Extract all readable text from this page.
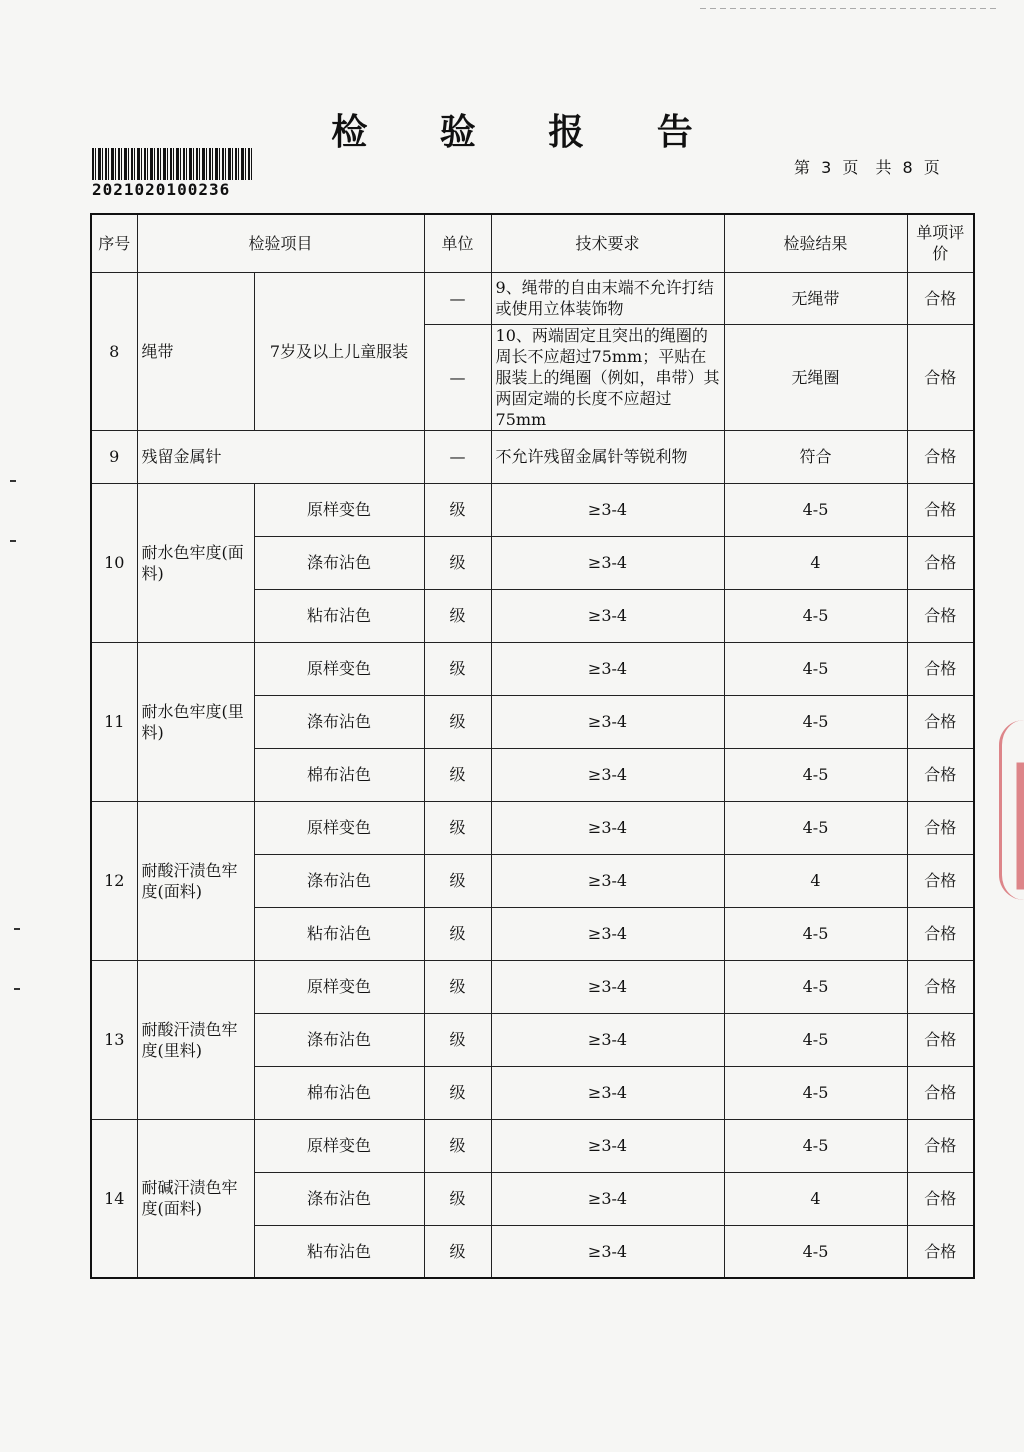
检 验 报 告
2021020100236
第 3 页 共 8 页
序号	检验项目		单位	技术要求	检验结果	单项评价
8	绳带	7岁及以上儿童服装	—	9、绳带的自由末端不允许打结或使用立体装饰物	无绳带	合格
			—	10、两端固定且突出的绳圈的周长不应超过75mm；平贴在服装上的绳圈（例如，串带）其两固定端的长度不应超过75mm	无绳圈	合格
9	残留金属针		—	不允许残留金属针等锐利物	符合	合格
10	耐水色牢度(面料)	原样变色	级	≥3-4	4-5	合格
		涤布沾色	级	≥3-4	4	合格
		粘布沾色	级	≥3-4	4-5	合格
11	耐水色牢度(里料)	原样变色	级	≥3-4	4-5	合格
		涤布沾色	级	≥3-4	4-5	合格
		棉布沾色	级	≥3-4	4-5	合格
12	耐酸汗渍色牢度(面料)	原样变色	级	≥3-4	4-5	合格
		涤布沾色	级	≥3-4	4	合格
		粘布沾色	级	≥3-4	4-5	合格
13	耐酸汗渍色牢度(里料)	原样变色	级	≥3-4	4-5	合格
		涤布沾色	级	≥3-4	4-5	合格
		棉布沾色	级	≥3-4	4-5	合格
14	耐碱汗渍色牢度(面料)	原样变色	级	≥3-4	4-5	合格
		涤布沾色	级	≥3-4	4	合格
		粘布沾色	级	≥3-4	4-5	合格
